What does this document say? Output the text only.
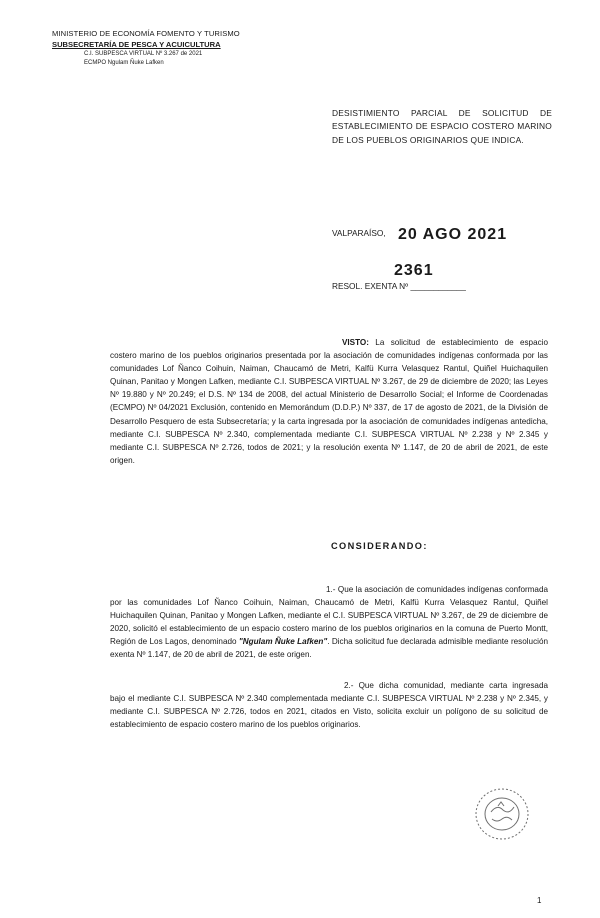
MINISTERIO DE ECONOMÍA FOMENTO Y TURISMO
SUBSECRETARÍA DE PESCA Y ACUICULTURA
C.I. SUBPESCA VIRTUAL Nº 3.267 de 2021
ECMPO Ngulam Ñuke Lafken
DESISTIMIENTO PARCIAL DE SOLICITUD DE ESTABLECIMIENTO DE ESPACIO COSTERO MARINO DE LOS PUEBLOS ORIGINARIOS QUE INDICA.
VALPARAÍSO, 20 AGO 2021
2361
RESOL. EXENTA Nº ____________
VISTO: La solicitud de establecimiento de espacio costero marino de los pueblos originarios presentada por la asociación de comunidades indígenas conformada por las comunidades Lof Ñanco Coihuin, Naiman, Chaucamó de Metri, Kalfü Kurra Velasquez Rantul, Quiñel Huichaquilen Quinan, Panitao y Mongen Lafken, mediante C.I. SUBPESCA VIRTUAL Nº 3.267, de 29 de diciembre de 2020; las Leyes Nº 19.880 y Nº 20.249; el D.S. Nº 134 de 2008, del actual Ministerio de Desarrollo Social; el Informe de Coordenadas (ECMPO) Nº 04/2021 Exclusión, contenido en Memorándum (D.D.P.) Nº 337, de 17 de agosto de 2021, de la División de Desarrollo Pesquero de esta Subsecretaría; y la carta ingresada por la asociación de comunidades indígenas antedicha, mediante C.I. SUBPESCA Nº 2.340, complementada mediante C.I. SUBPESCA VIRTUAL Nº 2.238 y Nº 2.345 y mediante C.I. SUBPESCA Nº 2.726, todos de 2021; y la resolución exenta Nº 1.147, de 20 de abril de 2021, de este origen.
CONSIDERANDO:
1.- Que la asociación de comunidades indígenas conformada por las comunidades Lof Ñanco Coihuin, Naiman, Chaucamó de Metri, Kalfü Kurra Velasquez Rantul, Quiñel Huichaquilen Quinan, Panitao y Mongen Lafken, mediante el C.I. SUBPESCA VIRTUAL Nº 3.267, de 29 de diciembre de 2020, solicitó el establecimiento de un espacio costero marino de los pueblos originarios en la comuna de Puerto Montt, Región de Los Lagos, denominado "Ngulam Ñuke Lafken". Dicha solicitud fue declarada admisible mediante resolución exenta Nº 1.147, de 20 de abril de 2021, de este origen.
2.- Que dicha comunidad, mediante carta ingresada bajo el mediante C.I. SUBPESCA Nº 2.340 complementada mediante C.I. SUBPESCA VIRTUAL Nº 2.238 y Nº 2.345, y mediante C.I. SUBPESCA Nº 2.726, todos en 2021, citados en Visto, solicita excluir un polígono de su solicitud de establecimiento de espacio costero marino de los pueblos originarios.
1
